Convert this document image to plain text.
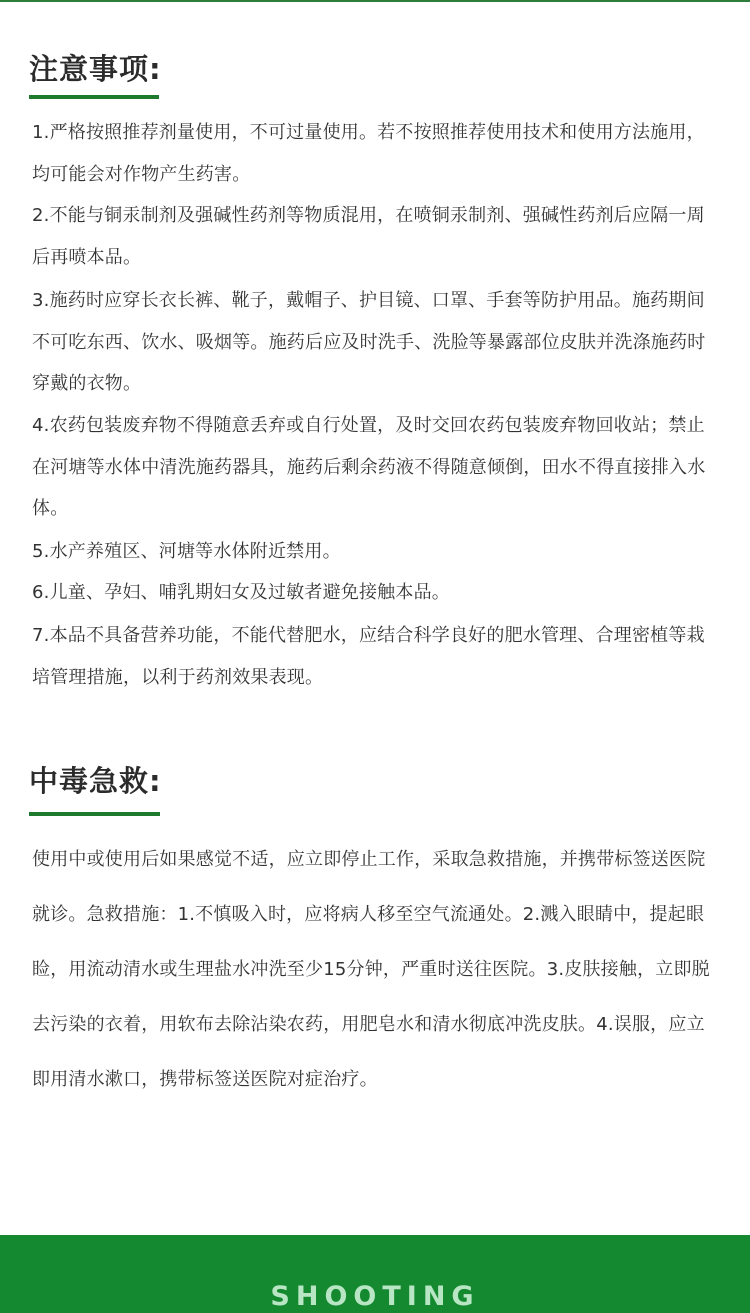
注意事项:

1.严格按照推荐剂量使用，不可过量使用。若不按照推荐使用技术和使用方法施用，均可能会对作物产生药害。

2.不能与铜汞制剂及强碱性药剂等物质混用，在喷铜汞制剂、强碱性药剂后应隔一周后再喷本品。

3.施药时应穿长衣长裤、靴子，戴帽子、护目镜、口罩、手套等防护用品。施药期间不可吃东西、饮水、吸烟等。施药后应及时洗手、洗脸等暴露部位皮肤并洗涤施药时穿戴的衣物。

4.农药包装废弃物不得随意丢弃或自行处置，及时交回农药包装废弃物回收站；禁止在河塘等水体中清洗施药器具，施药后剩余药液不得随意倾倒，田水不得直接排入水体。

5.水产养殖区、河塘等水体附近禁用。

6.儿童、孕妇、哺乳期妇女及过敏者避免接触本品。

7.本品不具备营养功能，不能代替肥水，应结合科学良好的肥水管理、合理密植等栽培管理措施，以利于药剂效果表现。

中毒急救:

使用中或使用后如果感觉不适，应立即停止工作，采取急救措施，并携带标签送医院就诊。急救措施：1.不慎吸入时，应将病人移至空气流通处。2.溅入眼睛中，提起眼睑，用流动清水或生理盐水冲洗至少15分钟，严重时送往医院。3.皮肤接触，立即脱去污染的衣着，用软布去除沾染农药，用肥皂水和清水彻底冲洗皮肤。4.误服，应立即用清水漱口，携带标签送医院对症治疗。

SHOOTING
